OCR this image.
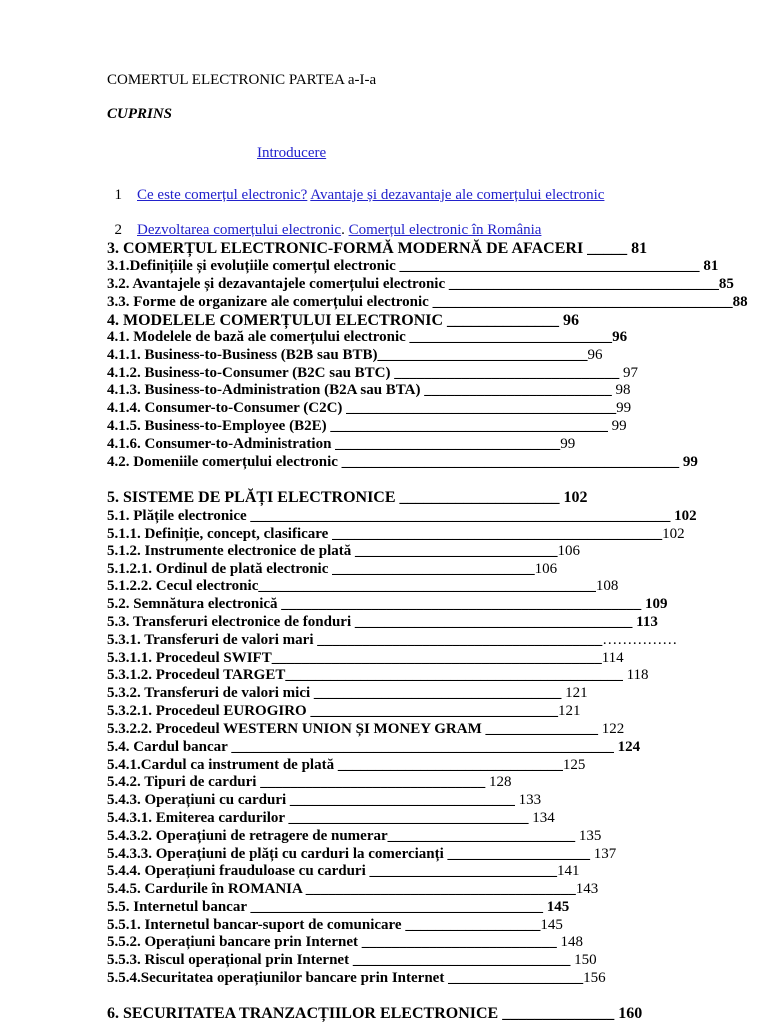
COMERTUL ELECTRONIC PARTEA a-I-a
CUPRINS

Introducere

1 Ce este comerțul electronic? Avantaje și dezavantaje ale comerțului electronic

2 Dezvoltarea comerțului electronic. Comerțul electronic în România

3. COMERȚUL ELECTRONIC-FORMĂ MODERNĂ DE AFACERI _____ 81
3.1.Definițiile și evoluțiile comerțul electronic ________________________________________ 81
3.2. Avantajele și dezavantajele comerțului electronic ____________________________________85
3.3. Forme de organizare ale comerțului electronic ________________________________________88
4. MODELELE COMERȚULUI ELECTRONIC ______________ 96
4.1. Modelele de bază ale comerțului electronic ___________________________96
4.1.1. Business-to-Business (B2B sau BTB)____________________________96
4.1.2. Business-to-Consumer (B2C sau BTC) ______________________________ 97
4.1.3. Business-to-Administration (B2A sau BTA) _________________________ 98
4.1.4. Consumer-to-Consumer (C2C) ____________________________________99
4.1.5. Business-to-Employee (B2E) _____________________________________ 99
4.1.6. Consumer-to-Administration ______________________________99
4.2. Domeniile comerțului electronic _____________________________________________ 99
5. SISTEME DE PLĂȚI ELECTRONICE ____________________ 102
5.1. Plățile electronice ________________________________________________________ 102
5.1.1. Definiție, concept, clasificare ____________________________________________102
5.1.2. Instrumente electronice de plată ___________________________106
5.1.2.1. Ordinul de plată electronic ___________________________106
5.1.2.2. Cecul electronic_____________________________________________108
5.2. Semnătura electronică ________________________________________________ 109
5.3. Transferuri electronice de fonduri _____________________________________ 113
5.3.1. Transferuri de valori mari ______________________________________……………
5.3.1.1. Procedeul SWIFT____________________________________________114
5.3.1.2. Procedeul TARGET_____________________________________________ 118
5.3.2. Transferuri de valori mici _________________________________ 121
5.3.2.1. Procedeul EUROGIRO _________________________________121
5.3.2.2. Procedeul WESTERN UNION ȘI MONEY GRAM _______________ 122
5.4. Cardul bancar ___________________________________________________ 124
5.4.1.Cardul ca instrument de plată ______________________________125
5.4.2. Tipuri de carduri ______________________________ 128
5.4.3. Operațiuni cu carduri ______________________________ 133
5.4.3.1. Emiterea cardurilor ________________________________ 134
5.4.3.2. Operațiuni de retragere de numerar_________________________ 135
5.4.3.3. Operațiuni de plăți cu carduri la comercianți ___________________ 137
5.4.4. Operațiuni frauduloase cu carduri _________________________141
5.4.5. Cardurile în ROMANIA ____________________________________143
5.5. Internetul bancar _______________________________________ 145
5.5.1. Internetul bancar-suport de comunicare __________________145
5.5.2. Operațiuni bancare prin Internet __________________________ 148
5.5.3. Riscul operațional prin Internet _____________________________ 150
5.5.4.Securitatea operațiunilor bancare prin Internet __________________156
6. SECURITATEA TRANZACȚIILOR ELECTRONICE ______________ 160
